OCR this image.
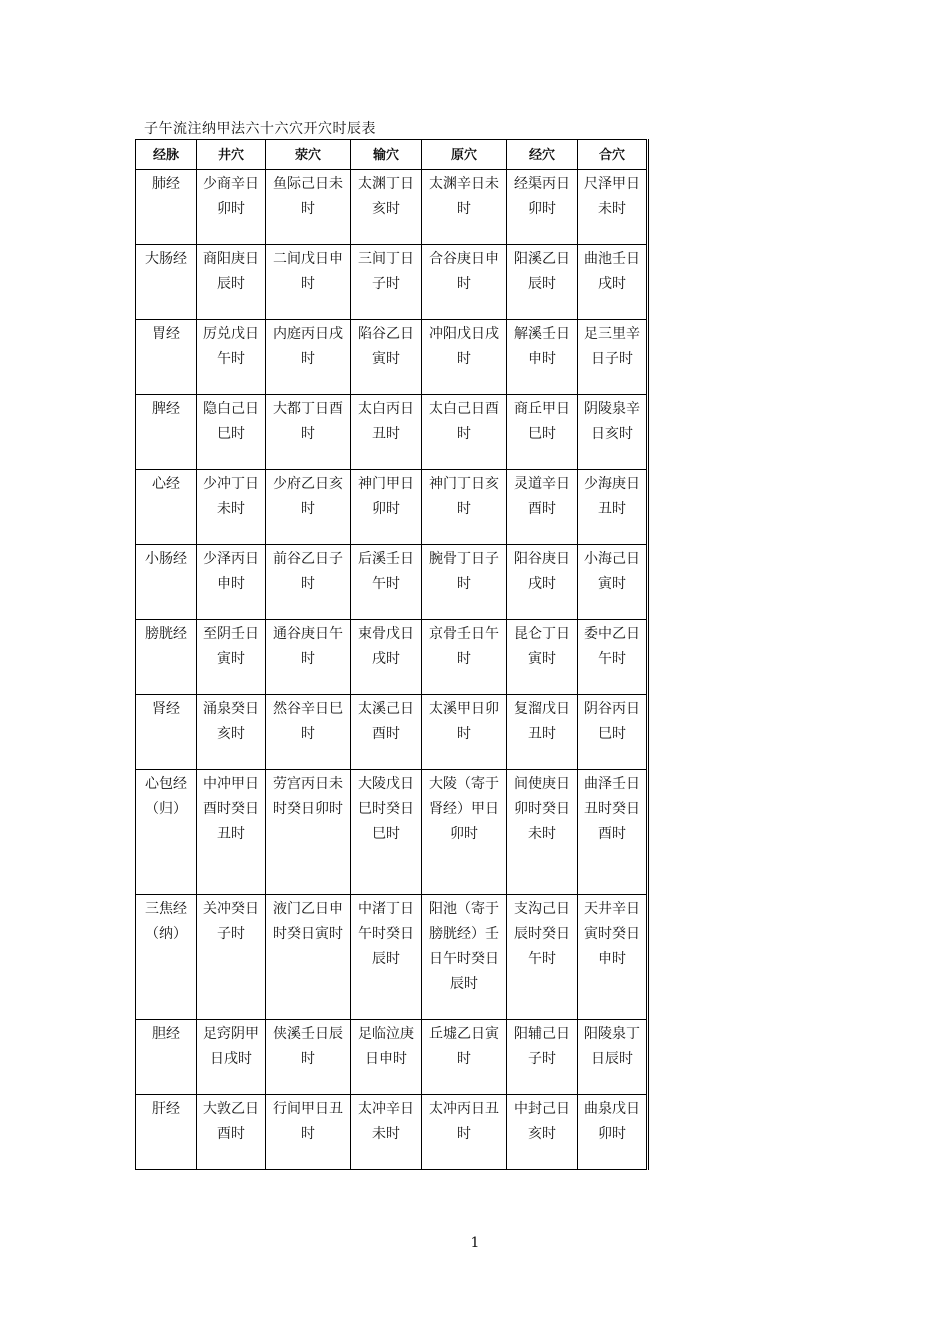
子午流注纳甲法六十六穴开穴时辰表
经脉	井穴	荥穴	输穴	原穴	经穴	合穴
肺经	少商辛日卯时	鱼际己日未时	太渊丁日亥时	太渊辛日未时	经渠丙日卯时	尺泽甲日未时
大肠经	商阳庚日辰时	二间戊日申时	三间丁日子时	合谷庚日申时	阳溪乙日辰时	曲池壬日戌时
胃经	厉兑戊日午时	内庭丙日戌时	陷谷乙日寅时	冲阳戊日戌时	解溪壬日申时	足三里辛日子时
脾经	隐白己日巳时	大都丁日酉时	太白丙日丑时	太白己日酉时	商丘甲日巳时	阴陵泉辛日亥时
心经	少冲丁日未时	少府乙日亥时	神门甲日卯时	神门丁日亥时	灵道辛日酉时	少海庚日丑时
小肠经	少泽丙日申时	前谷乙日子时	后溪壬日午时	腕骨丁日子时	阳谷庚日戌时	小海己日寅时
膀胱经	至阴壬日寅时	通谷庚日午时	束骨戊日戌时	京骨壬日午时	昆仑丁日寅时	委中乙日午时
肾经	涌泉癸日亥时	然谷辛日巳时	太溪己日酉时	太溪甲日卯时	复溜戊日丑时	阴谷丙日巳时
心包经（归）	中冲甲日酉时癸日丑时	劳宫丙日未时癸日卯时	大陵戊日巳时癸日巳时	大陵（寄于肾经）甲日卯时	间使庚日卯时癸日未时	曲泽壬日丑时癸日酉时
三焦经（纳）	关冲癸日子时	液门乙日申时癸日寅时	中渚丁日午时癸日辰时	阳池（寄于膀胱经）壬日午时癸日辰时	支沟己日辰时癸日午时	天井辛日寅时癸日申时
胆经	足窍阴甲日戌时	侠溪壬日辰时	足临泣庚日申时	丘墟乙日寅时	阳辅己日子时	阳陵泉丁日辰时
肝经	大敦乙日酉时	行间甲日丑时	太冲辛日未时	太冲丙日丑时	中封己日亥时	曲泉戊日卯时
1
